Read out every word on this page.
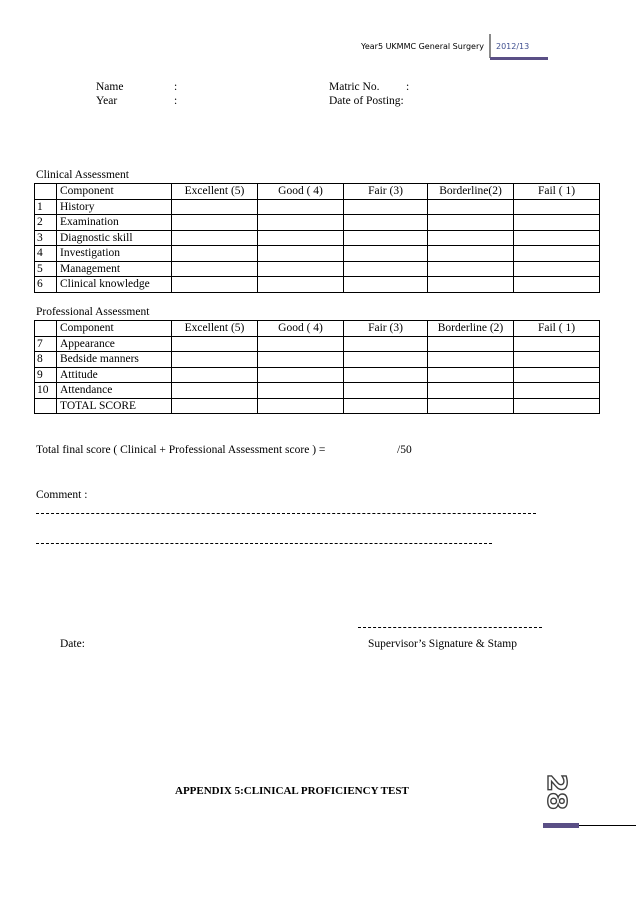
Year5 UKMMC General Surgery 2012/13
Name	:
Year	:
Matric No. :
Date of Posting:
Clinical Assessment
	Component	Excellent (5)	Good ( 4)	Fair (3)	Borderline(2)	Fail ( 1)
1	History					
2	Examination					
3	Diagnostic skill					
4	Investigation					
5	Management					
6	Clinical knowledge					
Professional Assessment
	Component	Excellent (5)	Good ( 4)	Fair (3)	Borderline (2)	Fail ( 1)
7	Appearance					
8	Bedside manners					
9	Attitude					
10	Attendance					
	TOTAL SCORE					
Total final score ( Clinical + Professional Assessment score ) =	/50
Comment :
Date:	Supervisor’s Signature & Stamp
APPENDIX 5:CLINICAL PROFICIENCY TEST	28
